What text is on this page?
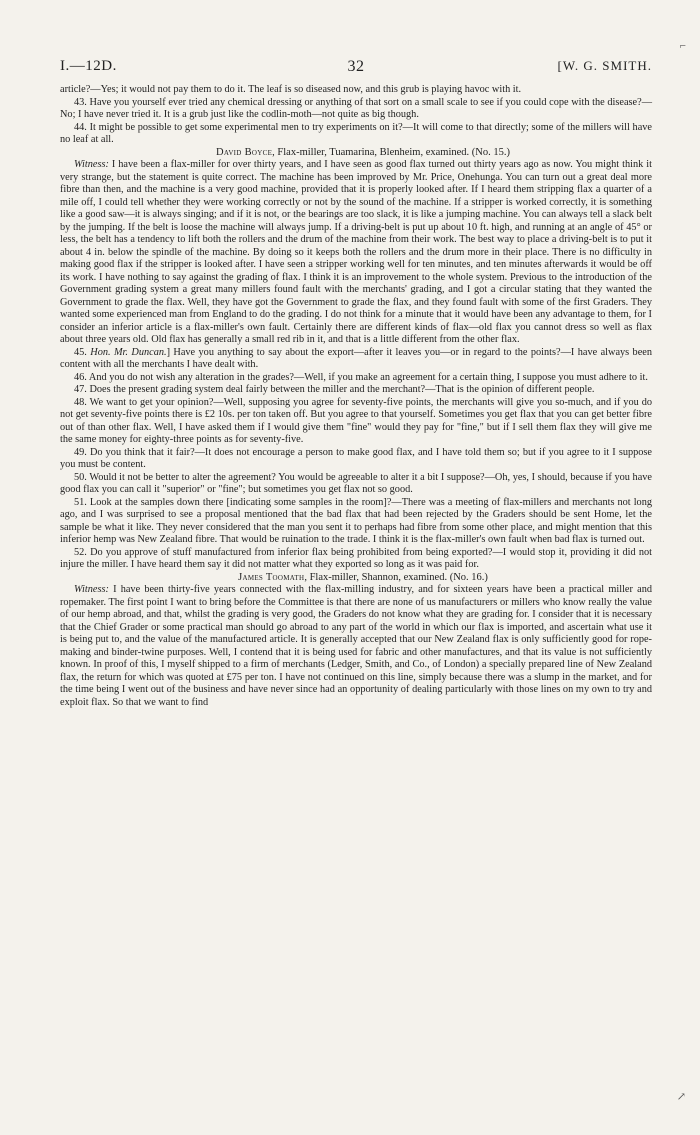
⌐
↗
I.—12D.	32	[W. G. SMITH.

article?—Yes; it would not pay them to do it. The leaf is so diseased now, and this grub is playing havoc with it.

43. Have you yourself ever tried any chemical dressing or anything of that sort on a small scale to see if you could cope with the disease?—No; I have never tried it. It is a grub just like the codlin-moth—not quite as big though.

44. It might be possible to get some experimental men to try experiments on it?—It will come to that directly; some of the millers will have no leaf at all.

David Boyce, Flax-miller, Tuamarina, Blenheim, examined. (No. 15.)

Witness: I have been a flax-miller for over thirty years, and I have seen as good flax turned out thirty years ago as now. You might think it very strange, but the statement is quite correct. The machine has been improved by Mr. Price, Onehunga. You can turn out a great deal more fibre than then, and the machine is a very good machine, provided that it is properly looked after. If I heard them stripping flax a quarter of a mile off, I could tell whether they were working correctly or not by the sound of the machine. If a stripper is worked correctly, it is something like a good saw—it is always singing; and if it is not, or the bearings are too slack, it is like a jumping machine. You can always tell a slack belt by the jumping. If the belt is loose the machine will always jump. If a driving-belt is put up about 10 ft. high, and running at an angle of 45° or less, the belt has a tendency to lift both the rollers and the drum of the machine from their work. The best way to place a driving-belt is to put it about 4 in. below the spindle of the machine. By doing so it keeps both the rollers and the drum more in their place. There is no difficulty in making good flax if the stripper is looked after. I have seen a stripper working well for ten minutes, and ten minutes afterwards it would be off its work. I have nothing to say against the grading of flax. I think it is an improvement to the whole system. Previous to the introduction of the Government grading system a great many millers found fault with the merchants' grading, and I got a circular stating that they wanted the Government to grade the flax. Well, they have got the Government to grade the flax, and they found fault with some of the first Graders. They wanted some experienced man from England to do the grading. I do not think for a minute that it would have been any advantage to them, for I consider an inferior article is a flax-miller's own fault. Certainly there are different kinds of flax—old flax you cannot dress so well as flax about three years old. Old flax has generally a small red rib in it, and that is a little different from the other flax.

45. Hon. Mr. Duncan.] Have you anything to say about the export—after it leaves you—or in regard to the points?—I have always been content with all the merchants I have dealt with.

46. And you do not wish any alteration in the grades?—Well, if you make an agreement for a certain thing, I suppose you must adhere to it.

47. Does the present grading system deal fairly between the miller and the merchant?—That is the opinion of different people.

48. We want to get your opinion?—Well, supposing you agree for seventy-five points, the merchants will give you so-much, and if you do not get seventy-five points there is £2 10s. per ton taken off. But you agree to that yourself. Sometimes you get flax that you can get better fibre out of than other flax. Well, I have asked them if I would give them "fine" would they pay for "fine," but if I sell them flax they will give me the same money for eighty-three points as for seventy-five.

49. Do you think that it fair?—It does not encourage a person to make good flax, and I have told them so; but if you agree to it I suppose you must be content.

50. Would it not be better to alter the agreement? You would be agreeable to alter it a bit I suppose?—Oh, yes, I should, because if you have good flax you can call it "superior" or "fine"; but sometimes you get flax not so good.

51. Look at the samples down there [indicating some samples in the room]?—There was a meeting of flax-millers and merchants not long ago, and I was surprised to see a proposal mentioned that the bad flax that had been rejected by the Graders should be sent Home, let the sample be what it like. They never considered that the man you sent it to perhaps had fibre from some other place, and might mention that this inferior hemp was New Zealand fibre. That would be ruination to the trade. I think it is the flax-miller's own fault when bad flax is turned out.

52. Do you approve of stuff manufactured from inferior flax being prohibited from being exported?—I would stop it, providing it did not injure the miller. I have heard them say it did not matter what they exported so long as it was paid for.

James Toomath, Flax-miller, Shannon, examined. (No. 16.)

Witness: I have been thirty-five years connected with the flax-milling industry, and for sixteen years have been a practical miller and ropemaker. The first point I want to bring before the Committee is that there are none of us manufacturers or millers who know really the value of our hemp abroad, and that, whilst the grading is very good, the Graders do not know what they are grading for. I consider that it is necessary that the Chief Grader or some practical man should go abroad to any part of the world in which our flax is imported, and ascertain what use it is being put to, and the value of the manufactured article. It is generally accepted that our New Zealand flax is only sufficiently good for rope-making and binder-twine purposes. Well, I contend that it is being used for fabric and other manufactures, and that its value is not sufficiently known. In proof of this, I myself shipped to a firm of merchants (Ledger, Smith, and Co., of London) a specially prepared line of New Zealand flax, the return for which was quoted at £75 per ton. I have not continued on this line, simply because there was a slump in the market, and for the time being I went out of the business and have never since had an opportunity of dealing particularly with those lines on my own to try and exploit flax. So that we want to find
